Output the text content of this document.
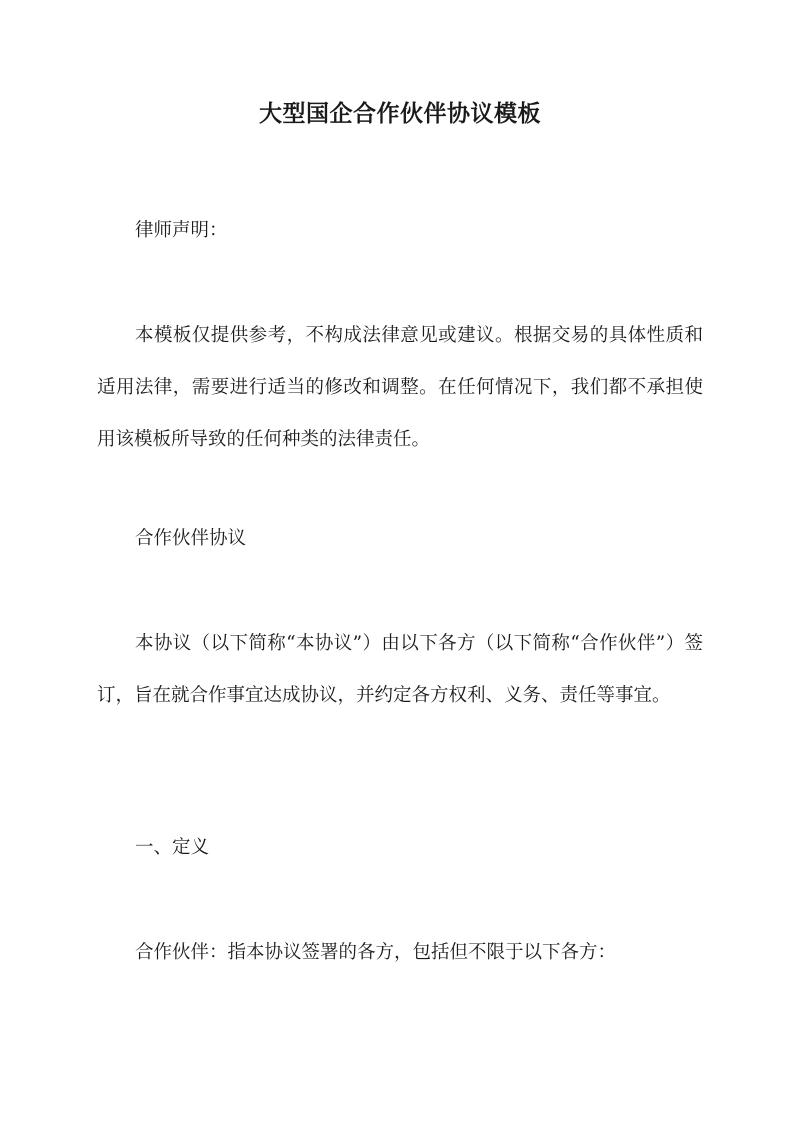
大型国企合作伙伴协议模板

律师声明：

本模板仅提供参考，不构成法律意见或建议。根据交易的具体性质和适用法律，需要进行适当的修改和调整。在任何情况下，我们都不承担使用该模板所导致的任何种类的法律责任。

合作伙伴协议

本协议（以下简称“本协议”）由以下各方（以下简称“合作伙伴”）签订，旨在就合作事宜达成协议，并约定各方权利、义务、责任等事宜。

一、定义

合作伙伴：指本协议签署的各方，包括但不限于以下各方：
